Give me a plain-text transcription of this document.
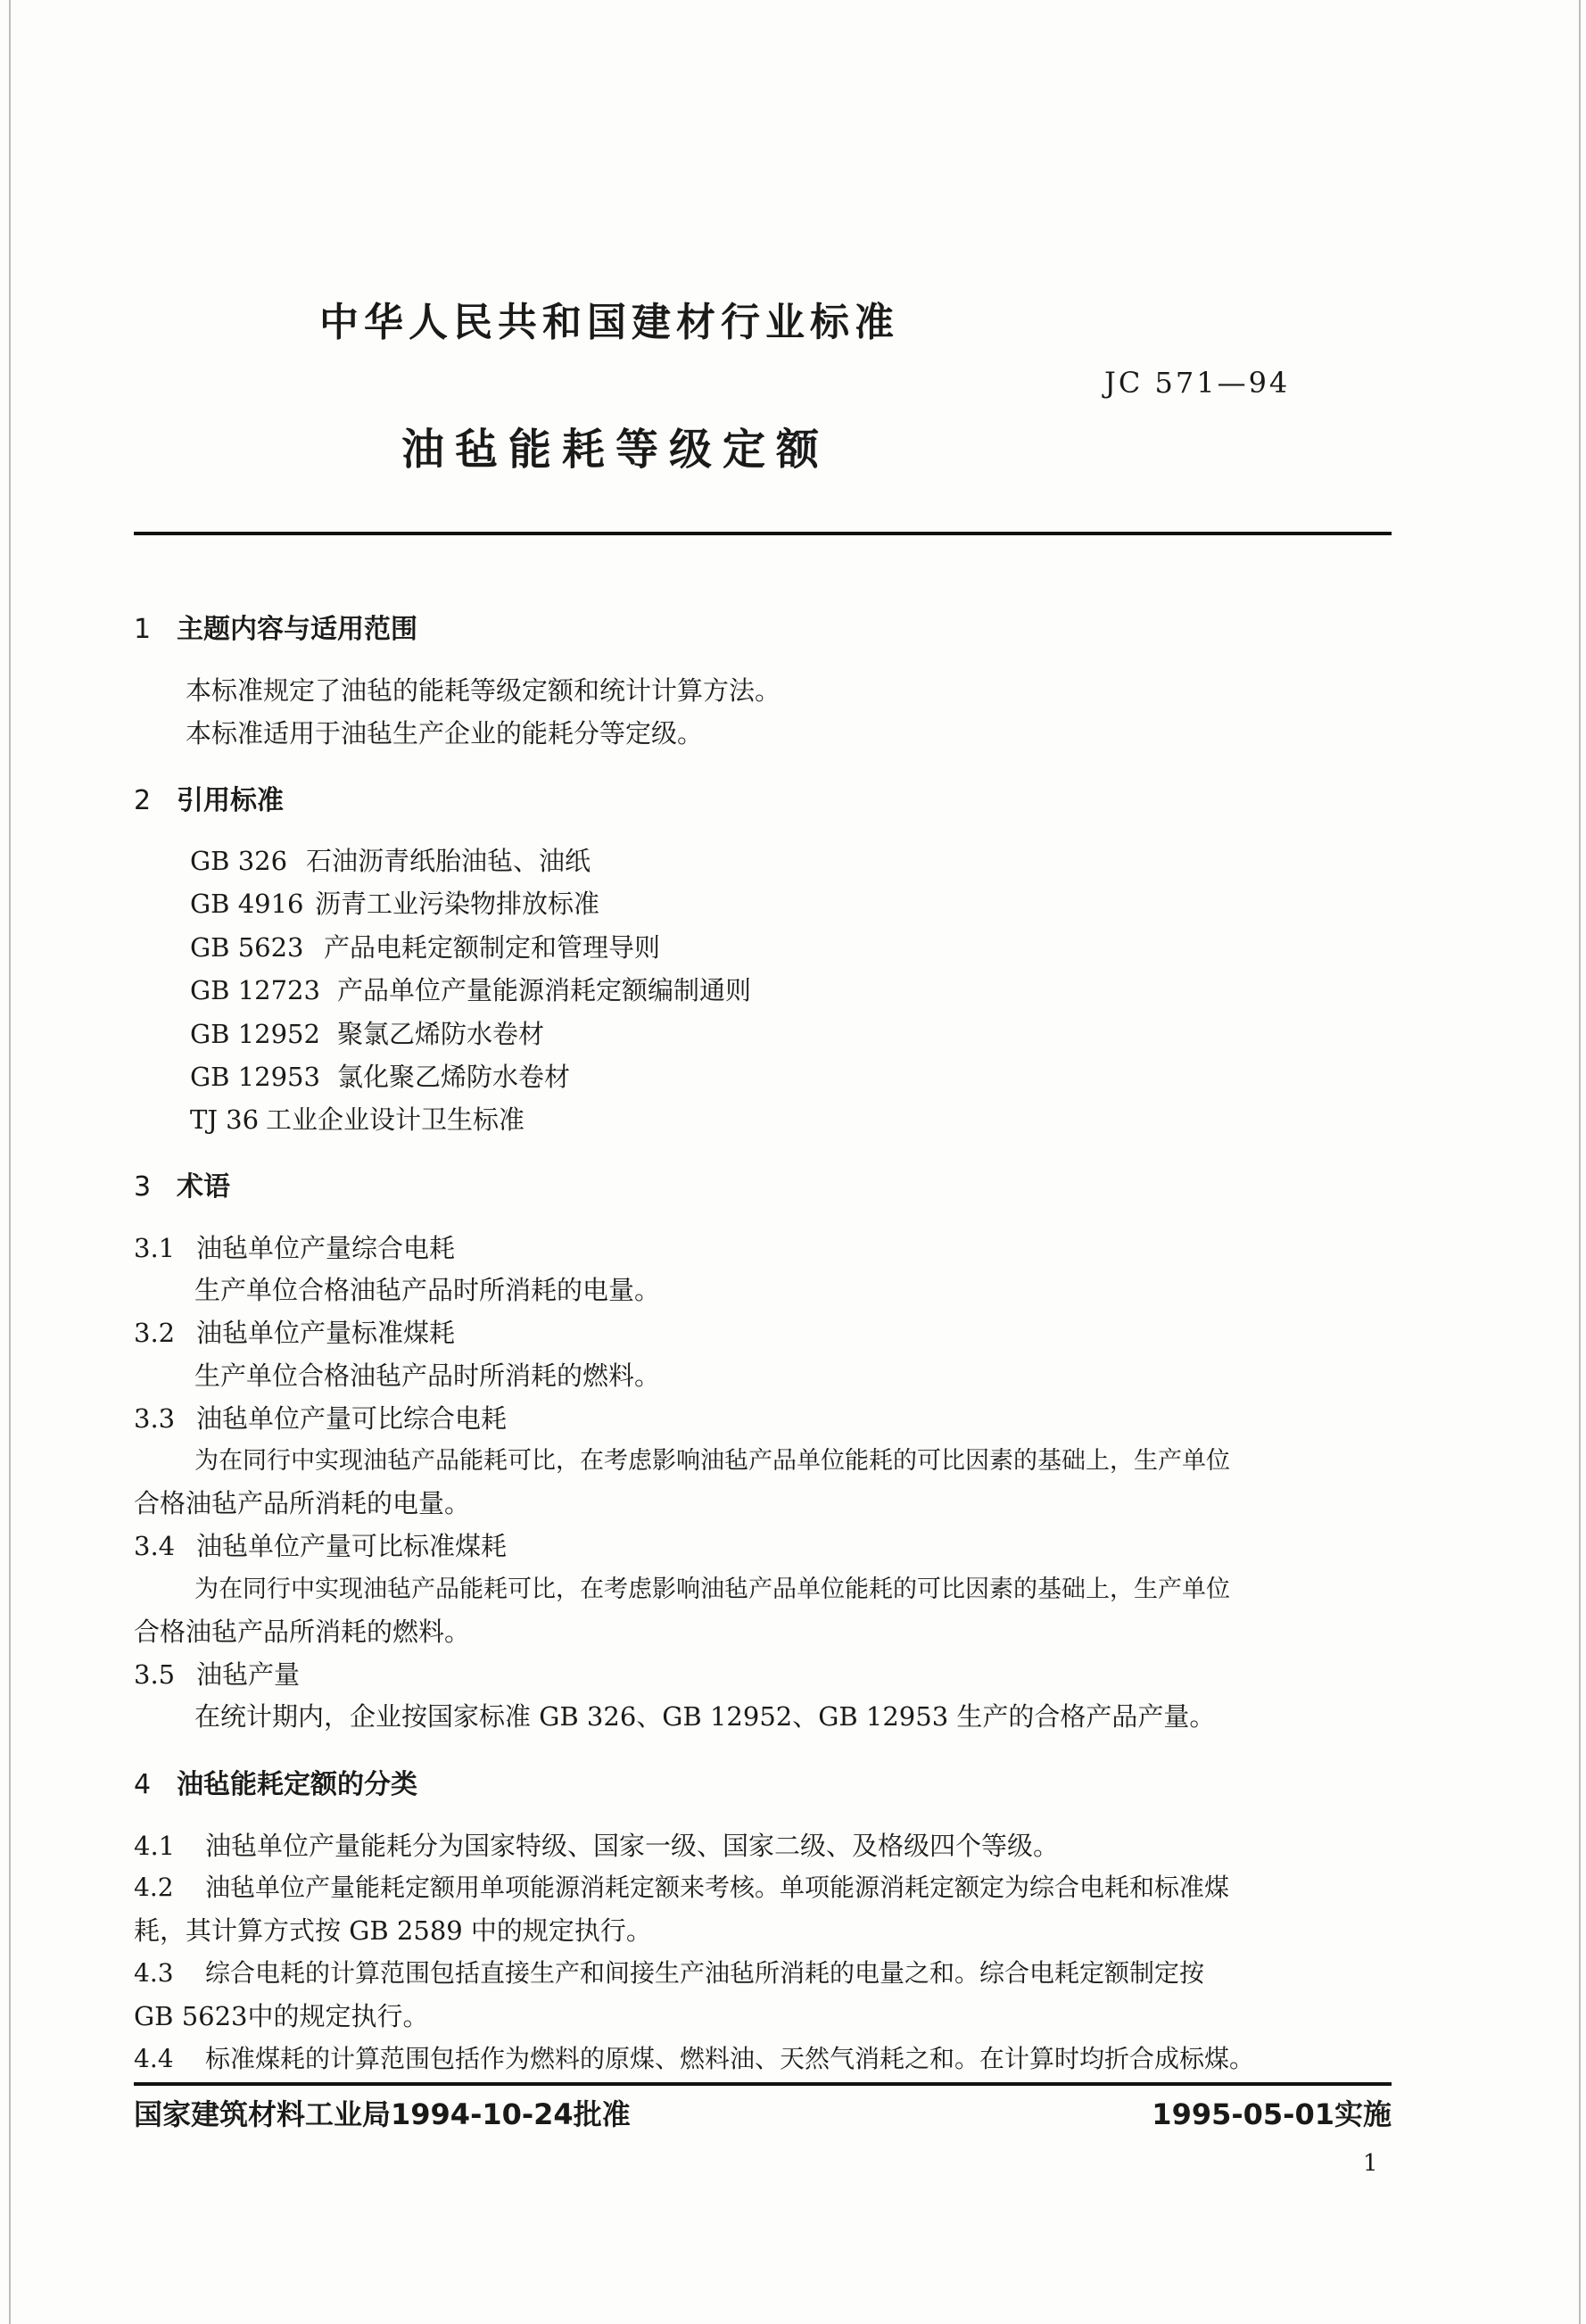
中华人民共和国建材行业标准
JC 571—94
油毡能耗等级定额
1 主题内容与适用范围
本标准规定了油毡的能耗等级定额和统计计算方法。
本标准适用于油毡生产企业的能耗分等定级。
2 引用标准
GB 326 石油沥青纸胎油毡、油纸
GB 4916 沥青工业污染物排放标准
GB 5623 产品电耗定额制定和管理导则
GB 12723 产品单位产量能源消耗定额编制通则
GB 12952 聚氯乙烯防水卷材
GB 12953 氯化聚乙烯防水卷材
TJ 36 工业企业设计卫生标准
3 术语
3.1 油毡单位产量综合电耗
生产单位合格油毡产品时所消耗的电量。
3.2 油毡单位产量标准煤耗
生产单位合格油毡产品时所消耗的燃料。
3.3 油毡单位产量可比综合电耗
为在同行中实现油毡产品能耗可比，在考虑影响油毡产品单位能耗的可比因素的基础上，生产单位
合格油毡产品所消耗的电量。
3.4 油毡单位产量可比标准煤耗
为在同行中实现油毡产品能耗可比，在考虑影响油毡产品单位能耗的可比因素的基础上，生产单位
合格油毡产品所消耗的燃料。
3.5 油毡产量
在统计期内，企业按国家标准 GB 326、GB 12952、GB 12953 生产的合格产品产量。
4 油毡能耗定额的分类
4.1 油毡单位产量能耗分为国家特级、国家一级、国家二级、及格级四个等级。
4.2 油毡单位产量能耗定额用单项能源消耗定额来考核。单项能源消耗定额定为综合电耗和标准煤
耗，其计算方式按 GB 2589 中的规定执行。
4.3 综合电耗的计算范围包括直接生产和间接生产油毡所消耗的电量之和。综合电耗定额制定按
GB 5623中的规定执行。
4.4 标准煤耗的计算范围包括作为燃料的原煤、燃料油、天然气消耗之和。在计算时均折合成标煤。
国家建筑材料工业局1994-10-24批准	1995-05-01实施
1
